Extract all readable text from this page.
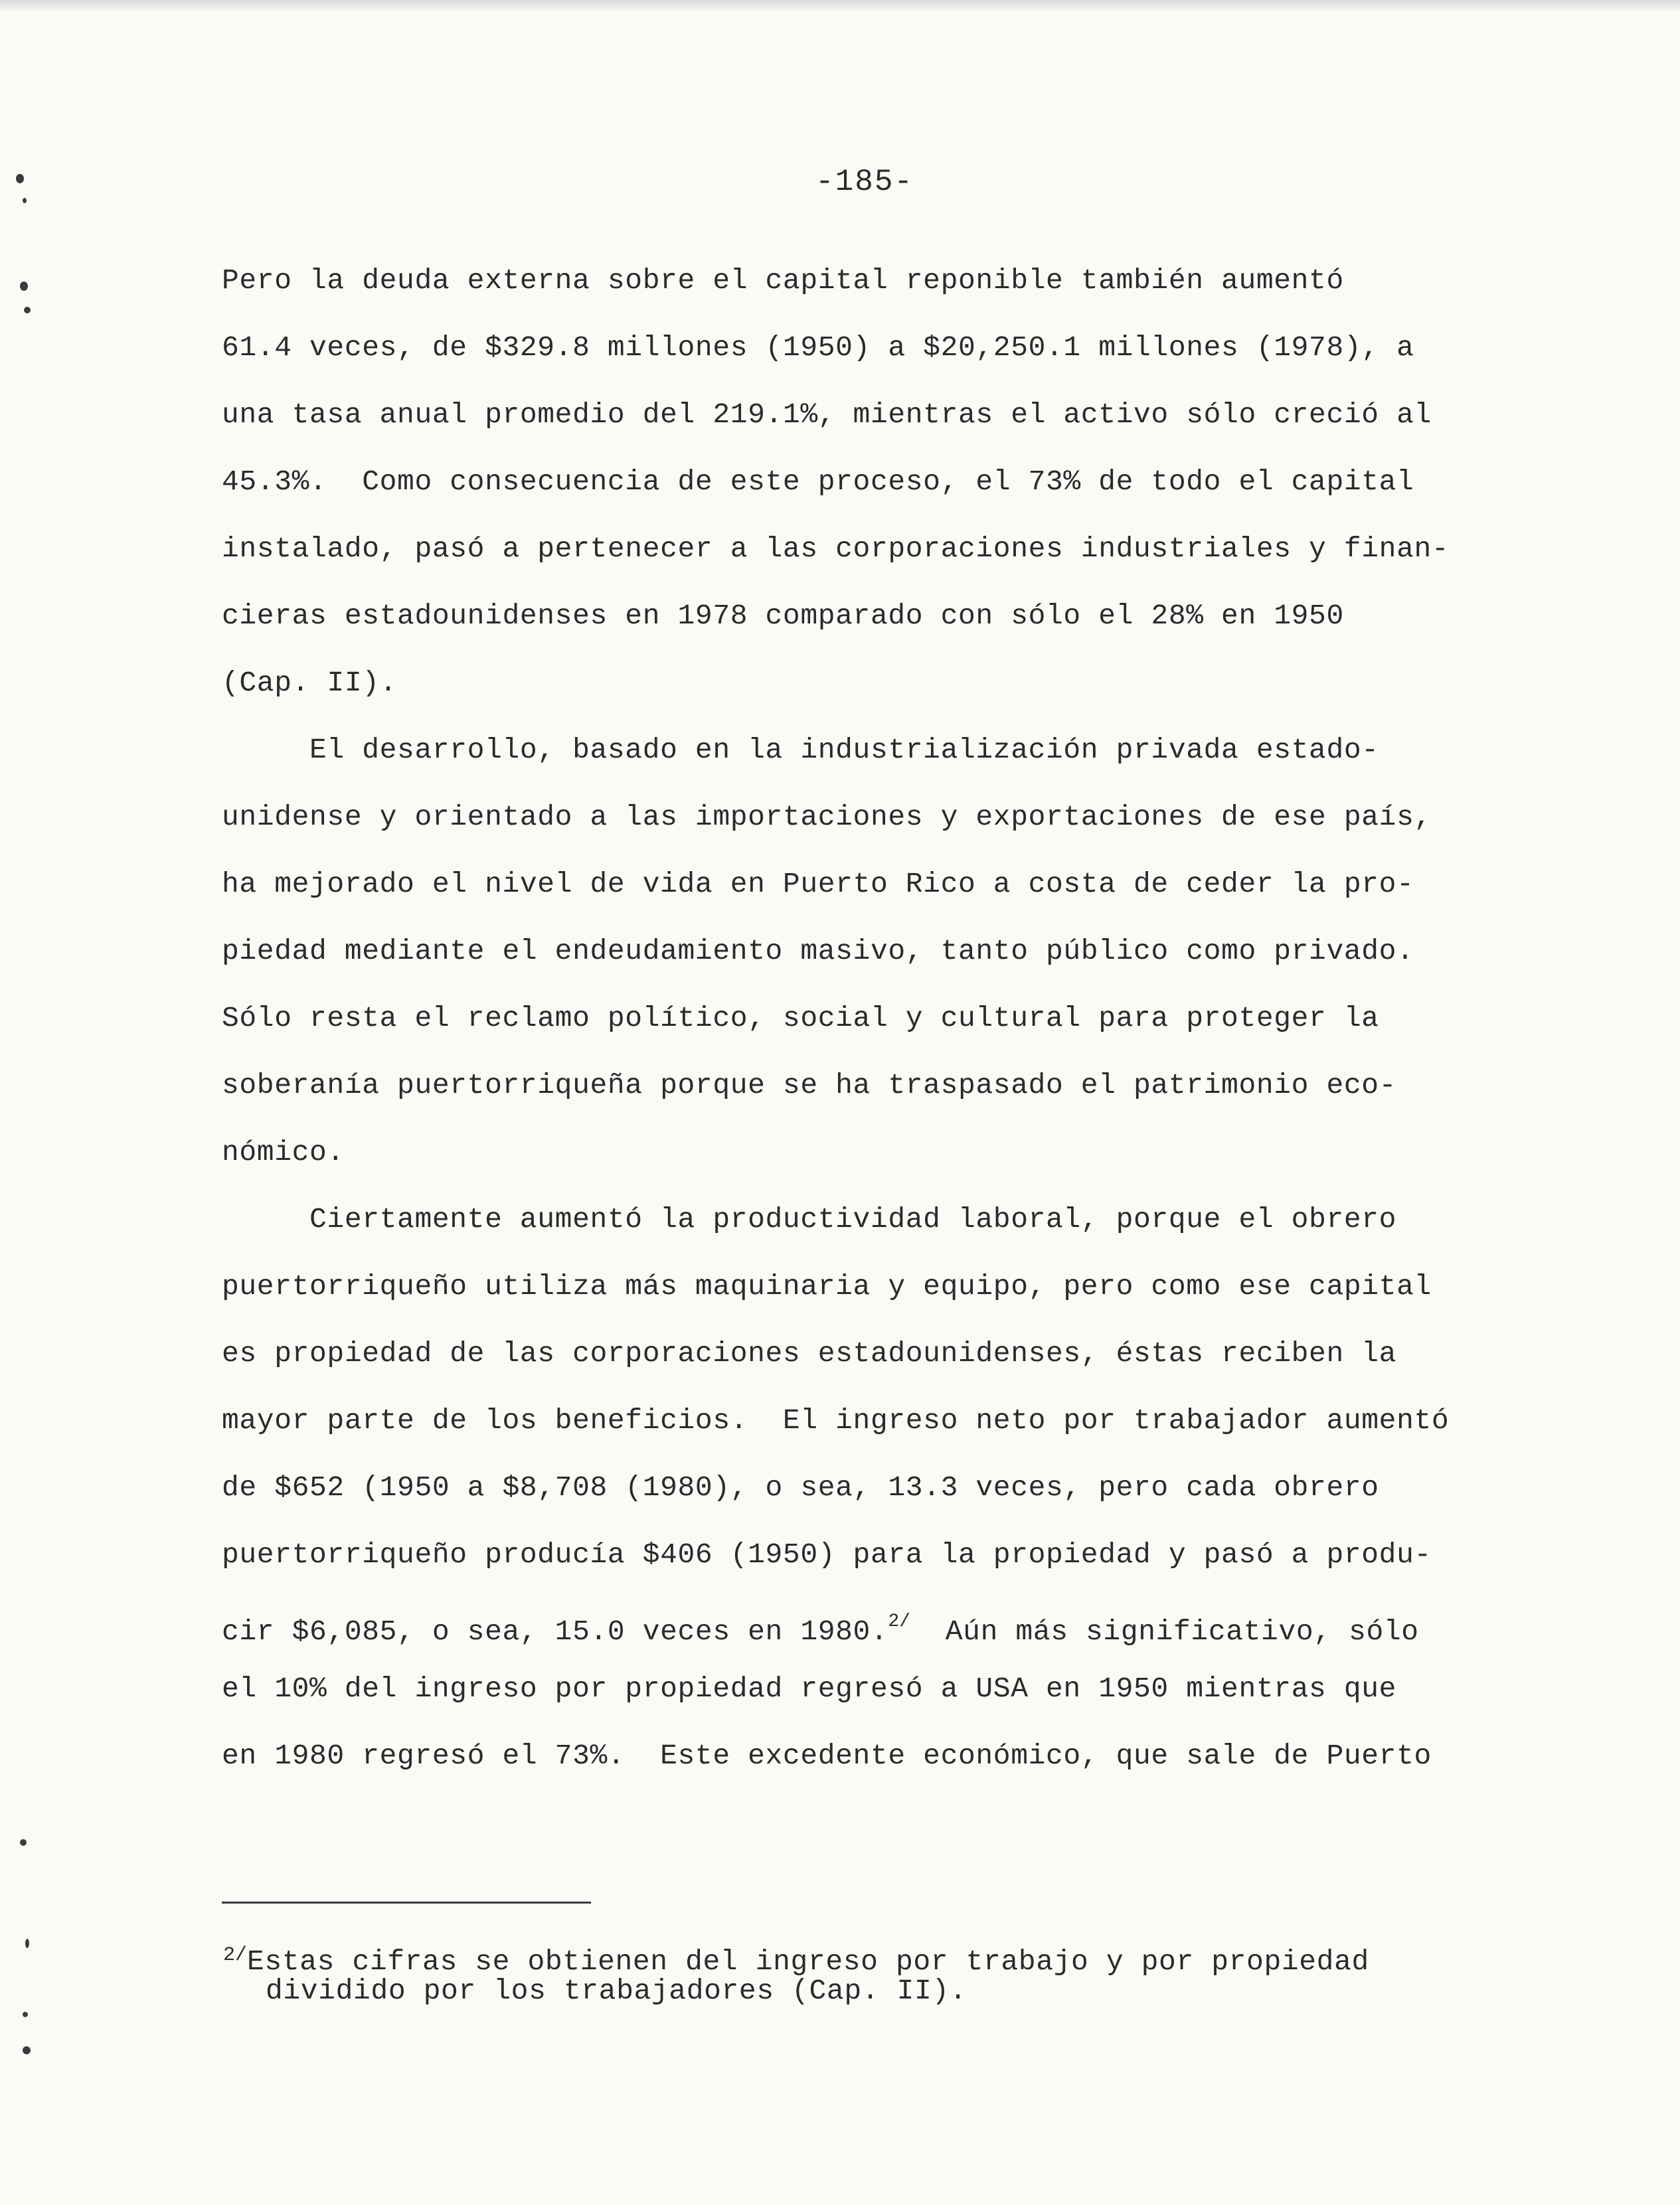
-185-
Pero la deuda externa sobre el capital reponible también aumentó
61.4 veces, de $329.8 millones (1950) a $20,250.1 millones (1978), a
una tasa anual promedio del 219.1%, mientras el activo sólo creció al
45.3%.  Como consecuencia de este proceso, el 73% de todo el capital
instalado, pasó a pertenecer a las corporaciones industriales y finan-
cieras estadounidenses en 1978 comparado con sólo el 28% en 1950
(Cap. II).
El desarrollo, basado en la industrialización privada estado-
unidense y orientado a las importaciones y exportaciones de ese país,
ha mejorado el nivel de vida en Puerto Rico a costa de ceder la pro-
piedad mediante el endeudamiento masivo, tanto público como privado.
Sólo resta el reclamo político, social y cultural para proteger la
soberanía puertorriqueña porque se ha traspasado el patrimonio eco-
nómico.
Ciertamente aumentó la productividad laboral, porque el obrero
puertorriqueño utiliza más maquinaria y equipo, pero como ese capital
es propiedad de las corporaciones estadounidenses, éstas reciben la
mayor parte de los beneficios.  El ingreso neto por trabajador aumentó
de $652 (1950 a $8,708 (1980), o sea, 13.3 veces, pero cada obrero
puertorriqueño producía $406 (1950) para la propiedad y pasó a produ-
cir $6,085, o sea, 15.0 veces en 1980.$^{2/}$  Aún más significativo, sólo
el 10% del ingreso por propiedad regresó a USA en 1950 mientras que
en 1980 regresó el 73%.  Este excedente económico, que sale de Puerto
$^{2/}$Estas cifras se obtienen del ingreso por trabajo y por propiedad
dividido por los trabajadores (Cap. II).
